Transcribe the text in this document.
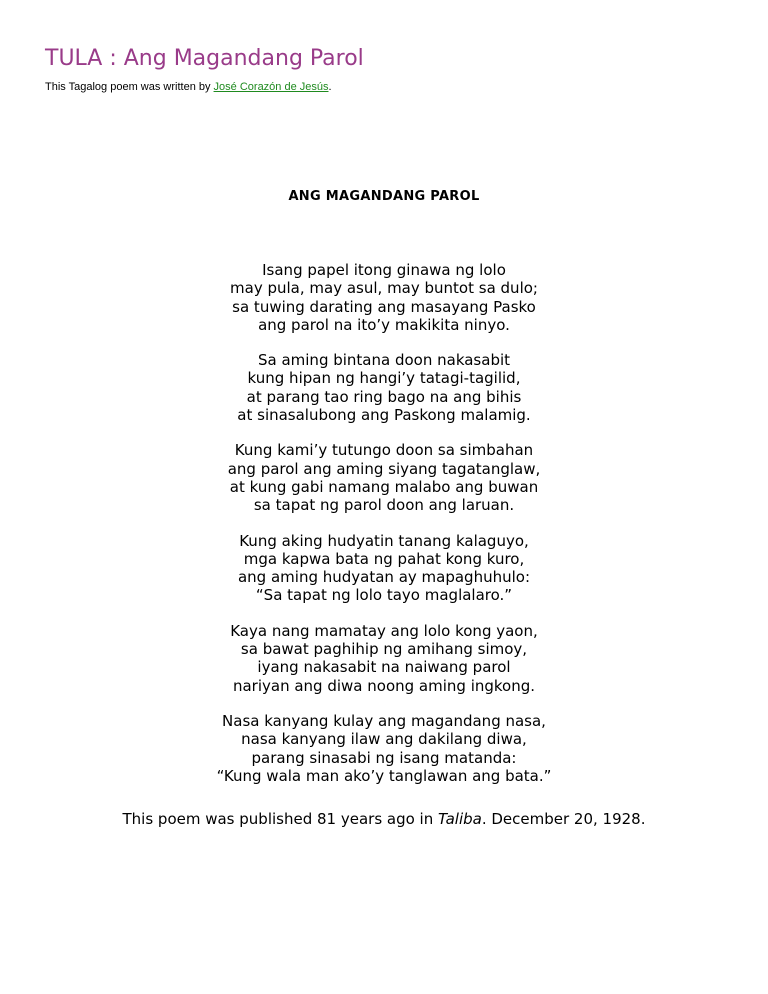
TULA : Ang Magandang Parol

This Tagalog poem was written by José Corazón de Jesús.

ANG MAGANDANG PAROL
Isang papel itong ginawa ng lolo
may pula, may asul, may buntot sa dulo;
sa tuwing darating ang masayang Pasko
ang parol na ito’y makikita ninyo.
Sa aming bintana doon nakasabit
kung hipan ng hangi’y tatagi-tagilid,
at parang tao ring bago na ang bihis
at sinasalubong ang Paskong malamig.
Kung kami’y tutungo doon sa simbahan
ang parol ang aming siyang tagatanglaw,
at kung gabi namang malabo ang buwan
sa tapat ng parol doon ang laruan.
Kung aking hudyatin tanang kalaguyo,
mga kapwa bata ng pahat kong kuro,
ang aming hudyatan ay mapaghuhulo:
“Sa tapat ng lolo tayo maglalaro.”
Kaya nang mamatay ang lolo kong yaon,
sa bawat paghihip ng amihang simoy,
iyang nakasabit na naiwang parol
nariyan ang diwa noong aming ingkong.
Nasa kanyang kulay ang magandang nasa,
nasa kanyang ilaw ang dakilang diwa,
parang sinasabi ng isang matanda:
“Kung wala man ako’y tanglawan ang bata.”

This poem was published 81 years ago in Taliba. December 20, 1928.
